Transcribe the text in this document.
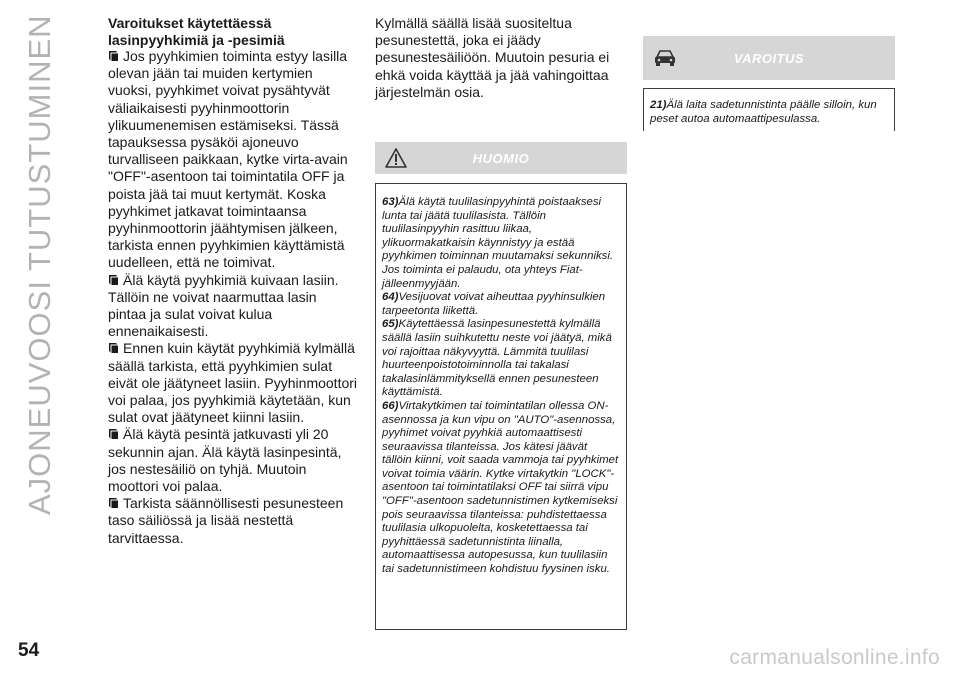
AJONEUVOOSI TUTUSTUMINEN	Varoitukset käytettäessä
lasinpyyhkimiä ja -pesimiä

Jos pyyhkimien toiminta estyy lasilla olevan jään tai muiden kertymien vuoksi, pyyhkimet voivat pysähtyvät väliaikaisesti pyyhinmoottorin ylikuumenemisen estämiseksi. Tässä tapauksessa pysäköi ajoneuvo turvalliseen paikkaan, kytke virta-avain "OFF"-asentoon tai toimintatila OFF ja poista jää tai muut kertymät. Koska pyyhkimet jatkavat toimintaansa pyyhinmoottorin jäähtymisen jälkeen, tarkista ennen pyyhkimien käyttämistä uudelleen, että ne toimivat.

Älä käytä pyyhkimiä kuivaan lasiin. Tällöin ne voivat naarmuttaa lasin pintaa ja sulat voivat kulua ennenaikaisesti.

Ennen kuin käytät pyyhkimiä kylmällä säällä tarkista, että pyyhkimien sulat eivät ole jäätyneet lasiin. Pyyhinmoottori voi palaa, jos pyyhkimiä käytetään, kun sulat ovat jäätyneet kiinni lasiin.

Älä käytä pesintä jatkuvasti yli 20 sekunnin ajan. Älä käytä lasinpesintä, jos nestesäiliö on tyhjä. Muutoin moottori voi palaa.

Tarkista säännöllisesti pesunesteen taso säiliössä ja lisää nestettä tarvittaessa.

Kylmällä säällä lisää suositeltua pesunestettä, joka ei jäädy pesunestesäiliöön. Muutoin pesuria ei ehkä voida käyttää ja jää vahingoittaa järjestelmän osia.

HUOMIO

63)Älä käytä tuulilasinpyyhintä poistaaksesi lunta tai jäätä tuulilasista. Tällöin tuulilasinpyyhin rasittuu liikaa, ylikuormakatkaisin käynnistyy ja estää pyyhkimen toiminnan muutamaksi sekunniksi. Jos toiminta ei palaudu, ota yhteys Fiat-jälleenmyyjään.

64)Vesijuovat voivat aiheuttaa pyyhinsulkien tarpeetonta liikettä.

65)Käytettäessä lasinpesunestettä kylmällä säällä lasiin suihkutettu neste voi jäätyä, mikä voi rajoittaa näkyvyyttä. Lämmitä tuulilasi huurteenpoistotoiminnolla tai takalasi takalasinlämmityksellä ennen pesunesteen käyttämistä.

66)Virtakytkimen tai toimintatilan ollessa ON-asennossa ja kun vipu on "AUTO"-asennossa, pyyhimet voivat pyyhkiä automaattisesti seuraavissa tilanteissa. Jos kätesi jäävät tällöin kiinni, voit saada vammoja tai pyyhkimet voivat toimia väärin. Kytke virtakytkin "LOCK"-asentoon tai toimintatilaksi OFF tai siirrä vipu "OFF"-asentoon sadetunnistimen kytkemiseksi pois seuraavissa tilanteissa: puhdistettaessa tuulilasia ulkopuolelta, kosketettaessa tai pyyhittäessä sadetunnistinta liinalla, automaattisessa autopesussa, kun tuulilasiin tai sadetunnistimeen kohdistuu fyysinen isku.

VAROITUS

21)Älä laita sadetunnistinta päälle silloin, kun peset autoa automaattipesulassa.

54	carmanualsonline.info
